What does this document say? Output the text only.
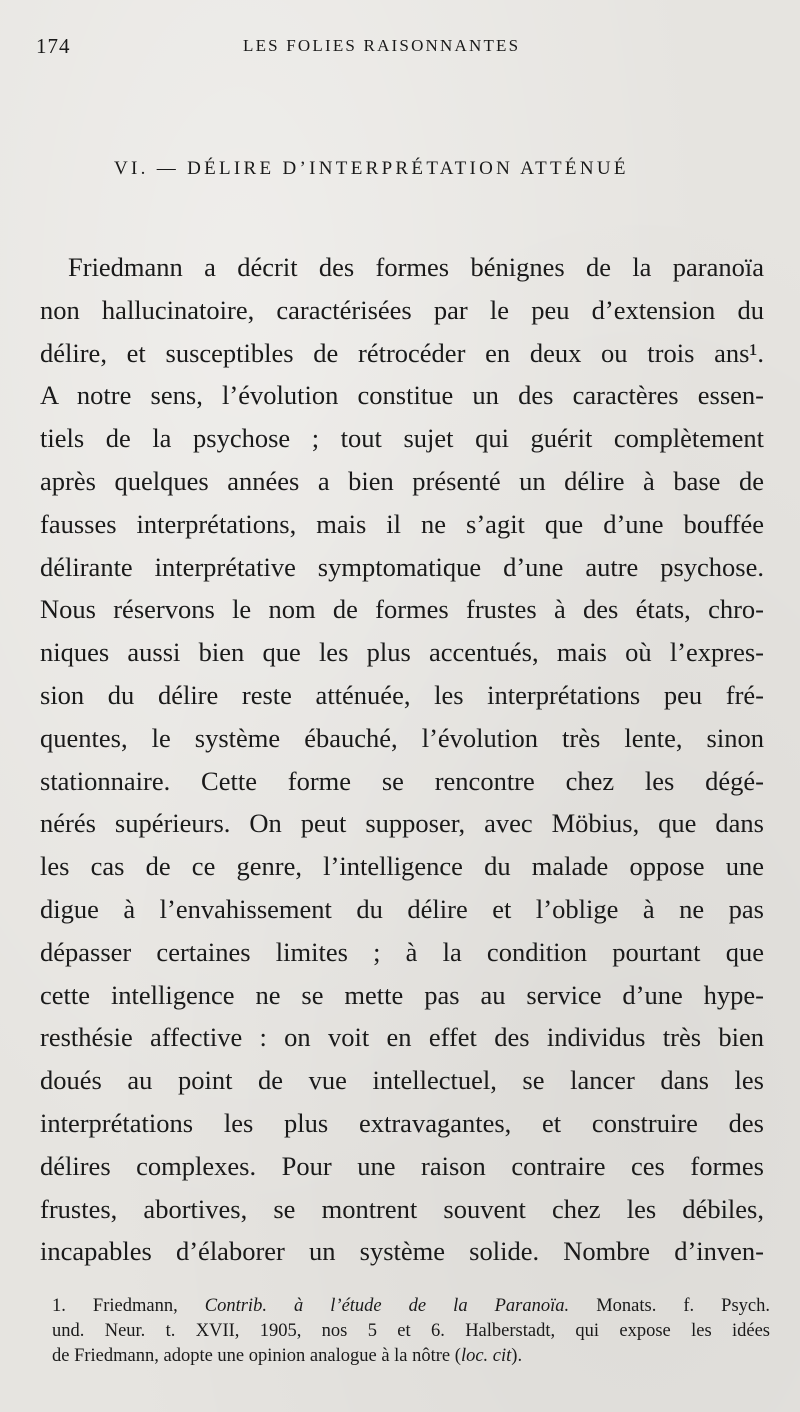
174	LES FOLIES RAISONNANTES
VI. — DÉLIRE D’INTERPRÉTATION ATTÉNUÉ
Friedmann a décrit des formes bénignes de la paranoïa
non hallucinatoire, caractérisées par le peu d’extension du
délire, et susceptibles de rétrocéder en deux ou trois ans¹.
A notre sens, l’évolution constitue un des caractères essen-
tiels de la psychose ; tout sujet qui guérit complètement
après quelques années a bien présenté un délire à base de
fausses interprétations, mais il ne s’agit que d’une bouffée
délirante interprétative symptomatique d’une autre psychose.
Nous réservons le nom de formes frustes à des états, chro-
niques aussi bien que les plus accentués, mais où l’expres-
sion du délire reste atténuée, les interprétations peu fré-
quentes, le système ébauché, l’évolution très lente, sinon
stationnaire. Cette forme se rencontre chez les dégé-
nérés supérieurs. On peut supposer, avec Möbius, que dans
les cas de ce genre, l’intelligence du malade oppose une
digue à l’envahissement du délire et l’oblige à ne pas
dépasser certaines limites ; à la condition pourtant que
cette intelligence ne se mette pas au service d’une hype-
resthésie affective : on voit en effet des individus très bien
doués au point de vue intellectuel, se lancer dans les
interprétations les plus extravagantes, et construire des
délires complexes. Pour une raison contraire ces formes
frustes, abortives, se montrent souvent chez les débiles,
incapables d’élaborer un système solide. Nombre d’inven-
1. Friedmann, Contrib. à l’étude de la Paranoïa. Monats. f. Psych.
und. Neur. t. XVII, 1905, nos 5 et 6. Halberstadt, qui expose les idées
de Friedmann, adopte une opinion analogue à la nôtre (loc. cit).
